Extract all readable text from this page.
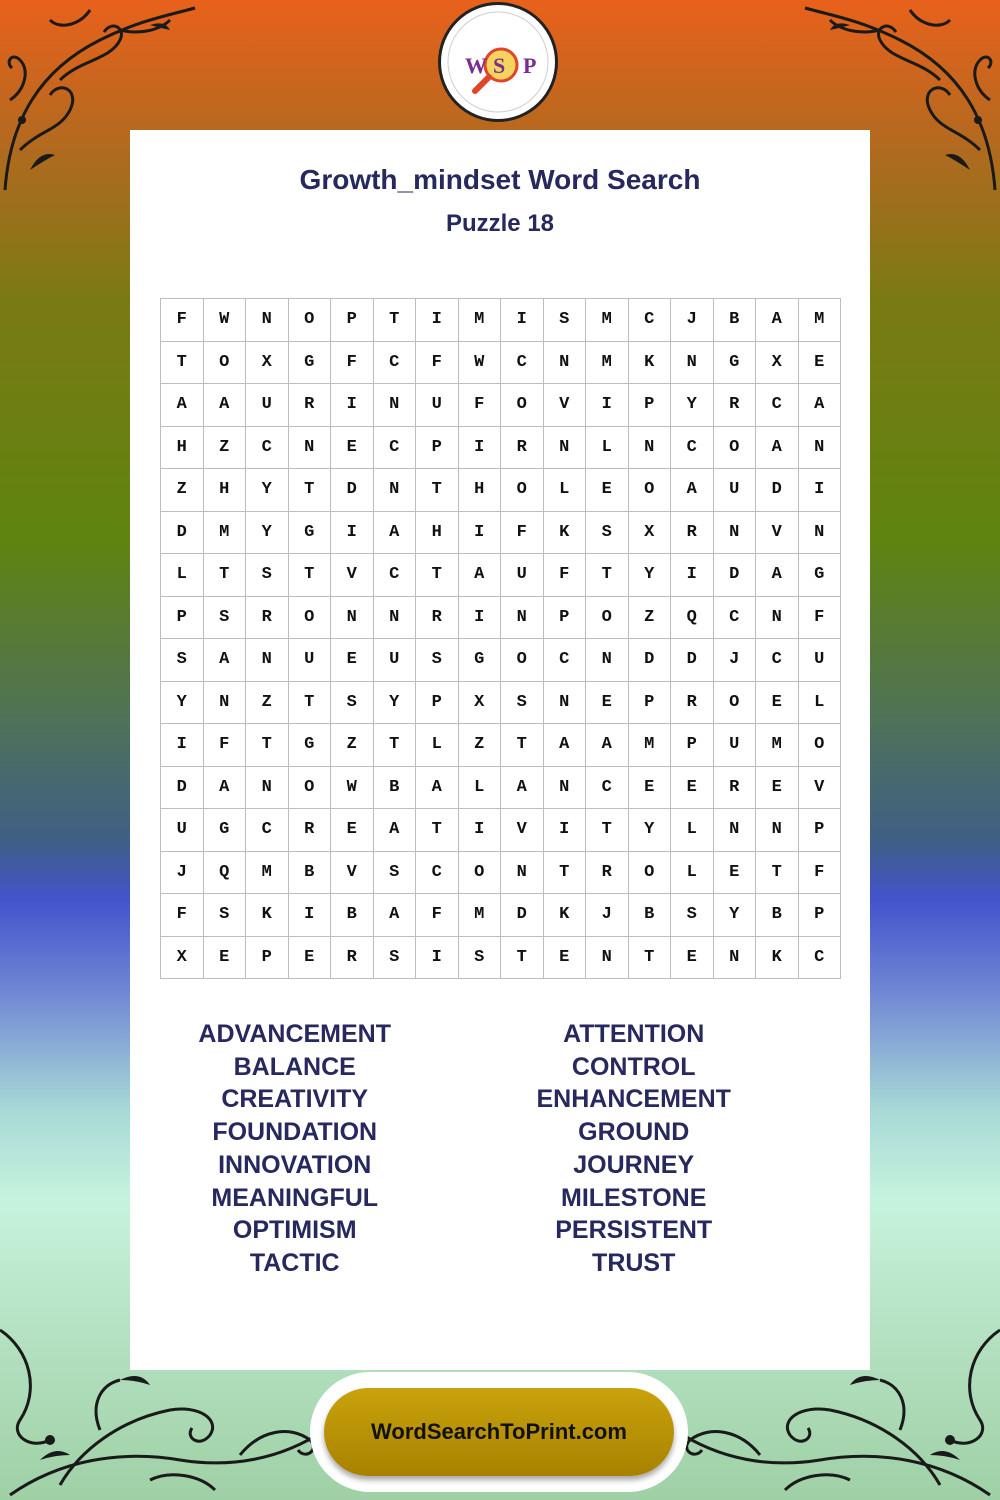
W S P
Growth_mindset Word Search
Puzzle 18
F	W	N	O	P	T	I	M	I	S	M	C	J	B	A	M
T	O	X	G	F	C	F	W	C	N	M	K	N	G	X	E
A	A	U	R	I	N	U	F	O	V	I	P	Y	R	C	A
H	Z	C	N	E	C	P	I	R	N	L	N	C	O	A	N
Z	H	Y	T	D	N	T	H	O	L	E	O	A	U	D	I
D	M	Y	G	I	A	H	I	F	K	S	X	R	N	V	N
L	T	S	T	V	C	T	A	U	F	T	Y	I	D	A	G
P	S	R	O	N	N	R	I	N	P	O	Z	Q	C	N	F
S	A	N	U	E	U	S	G	O	C	N	D	D	J	C	U
Y	N	Z	T	S	Y	P	X	S	N	E	P	R	O	E	L
I	F	T	G	Z	T	L	Z	T	A	A	M	P	U	M	O
D	A	N	O	W	B	A	L	A	N	C	E	E	R	E	V
U	G	C	R	E	A	T	I	V	I	T	Y	L	N	N	P
J	Q	M	B	V	S	C	O	N	T	R	O	L	E	T	F
F	S	K	I	B	A	F	M	D	K	J	B	S	Y	B	P
X	E	P	E	R	S	I	S	T	E	N	T	E	N	K	C
ADVANCEMENT
BALANCE
CREATIVITY
FOUNDATION
INNOVATION
MEANINGFUL
OPTIMISM
TACTIC
ATTENTION
CONTROL
ENHANCEMENT
GROUND
JOURNEY
MILESTONE
PERSISTENT
TRUST
WordSearchToPrint.com
